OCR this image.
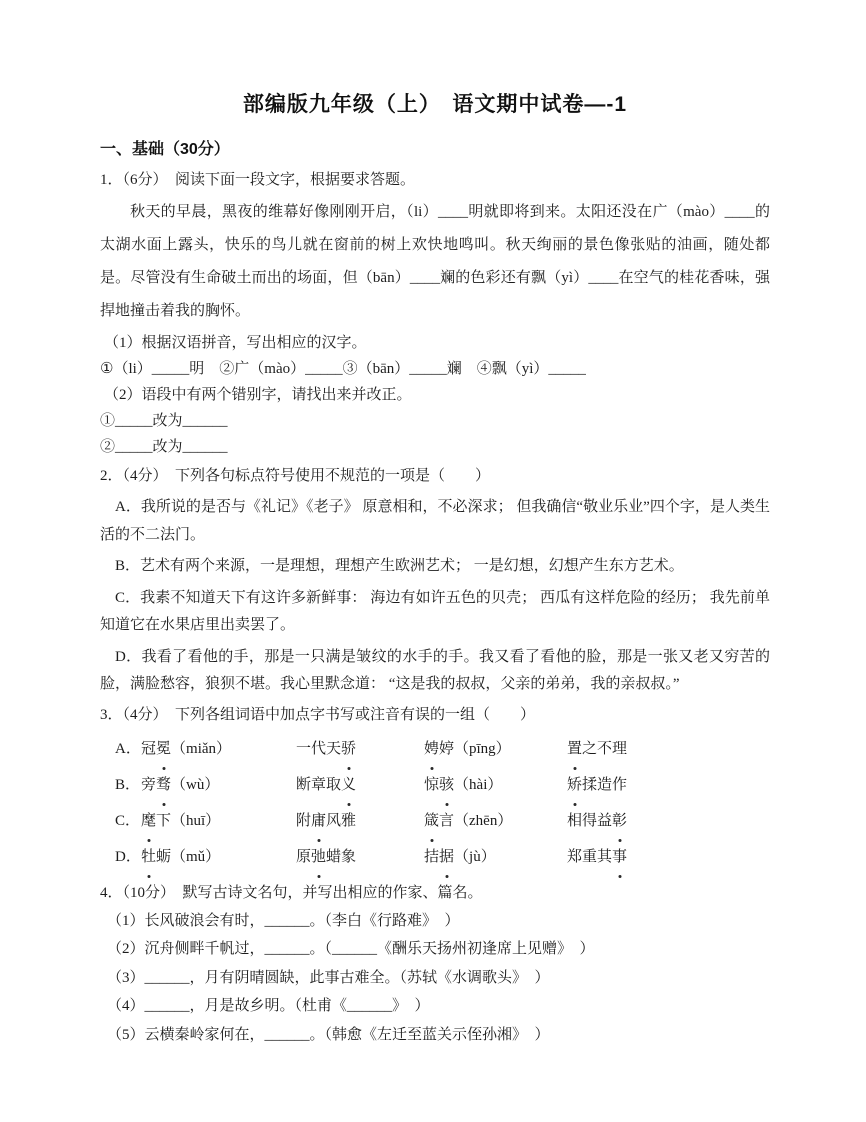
部编版九年级（上）　语文期中试卷—-1
一、基础（30分）
1．（6分）　阅读下面一段文字，根据要求答题。

秋天的早晨，黑夜的维幕好像刚刚开启，（li）____明就即将到来。太阳还没在广（mào）____的太湖水面上露头，快乐的鸟儿就在窗前的树上欢快地鸣叫。秋天绚丽的景色像张贴的油画，随处都是。尽管没有生命破土而出的场面，但（bān）____斓的色彩还有飘（yì）____在空气的桂花香味，强捍地撞击着我的胸怀。

（1）根据汉语拼音，写出相应的汉字。
①（li）_____明　②广（mào）_____③（bān）_____斓　④飘（yì）_____
（2）语段中有两个错别字，请找出来并改正。
①_____改为______
②_____改为______
2．（4分）　下列各句标点符号使用不规范的一项是（　　）

A．我所说的是否与《礼记》《老子》 原意相和，不必深求； 但我确信“敬业乐业”四个字，是人类生活的不二法门。

B．艺术有两个来源，一是理想，理想产生欧洲艺术； 一是幻想，幻想产生东方艺术。

C．我素不知道天下有这许多新鲜事： 海边有如许五色的贝壳； 西瓜有这样危险的经历； 我先前单知道它在水果店里出卖罢了。

D．我看了看他的手，那是一只满是皱纹的水手的手。我又看了看他的脸，那是一张又老又穷苦的脸，满脸愁容，狼狈不堪。我心里默念道： “这是我的叔叔，父亲的弟弟，我的亲叔叔。”

3．（4分）　下列各组词语中加点字书写或注音有误的一组（　　）
A． 冠冕（miǎn）	一代天骄	娉婷（pīng）	置之不理
B． 旁骛（wù）	断章取义	惊骇（hài）	矫揉造作
C． 麾下（huī）	附庸风雅	箴言（zhēn）	相得益彰
D． 牡蛎（mǔ）	原弛蜡象	拮据（jù）	郑重其事
4．（10分）　默写古诗文名句，并写出相应的作家、篇名。
（1）长风破浪会有时，______。（李白《行路难》　）
（2）沉舟侧畔千帆过，______。（______《酬乐天扬州初逢席上见赠》　）
（3）______，月有阴晴圆缺，此事古难全。（苏轼《水调歌头》　）
（4）______，月是故乡明。（杜甫《______》　）
（5）云横秦岭家何在，______。（韩愈《左迁至蓝关示侄孙湘》　）
